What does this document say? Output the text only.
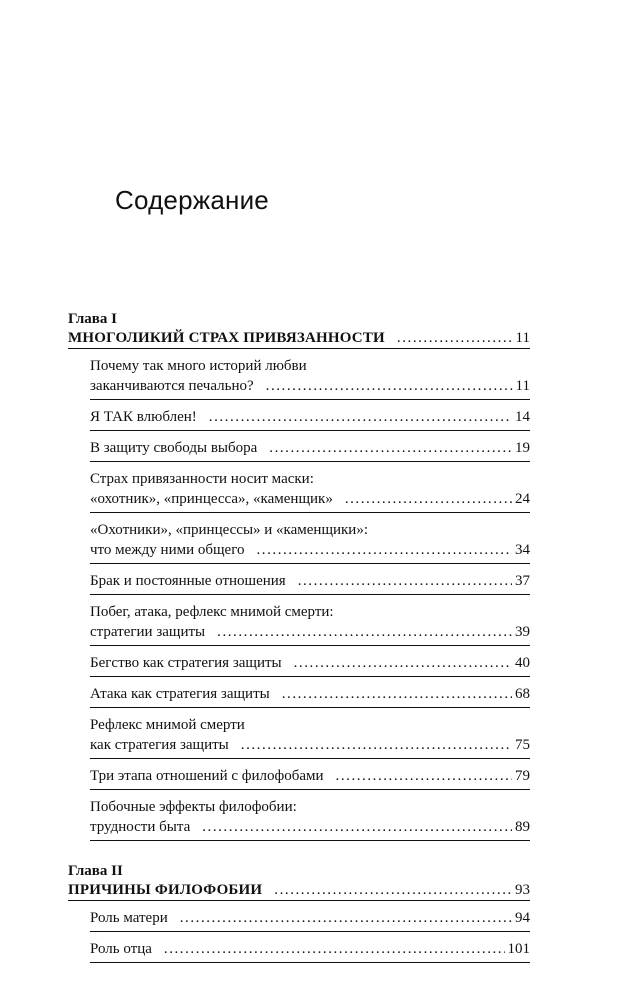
Содержание
Глава I
МНОГОЛИКИЙ СТРАХ ПРИВЯЗАННОСТИ . . .	11
Почему так много историй любви
заканчиваются печально? . . .	11
Я ТАК влюблен! . . .	14
В защиту свободы выбора . . .	19
Страх привязанности носит маски:
«охотник», «принцесса», «каменщик» . . .	24
«Охотники», «принцессы» и «каменщики»:
что между ними общего . . .	34
Брак и постоянные отношения . . .	37
Побег, атака, рефлекс мнимой смерти:
стратегии защиты . . .	39
Бегство как стратегия защиты . . .	40
Атака как стратегия защиты . . .	68
Рефлекс мнимой смерти
как стратегия защиты . . .	75
Три этапа отношений с филофобами . . .	79
Побочные эффекты филофобии:
трудности быта . . .	89
Глава II
ПРИЧИНЫ ФИЛОФОБИИ . . .	93
Роль матери . . .	94
Роль отца . . .	101
